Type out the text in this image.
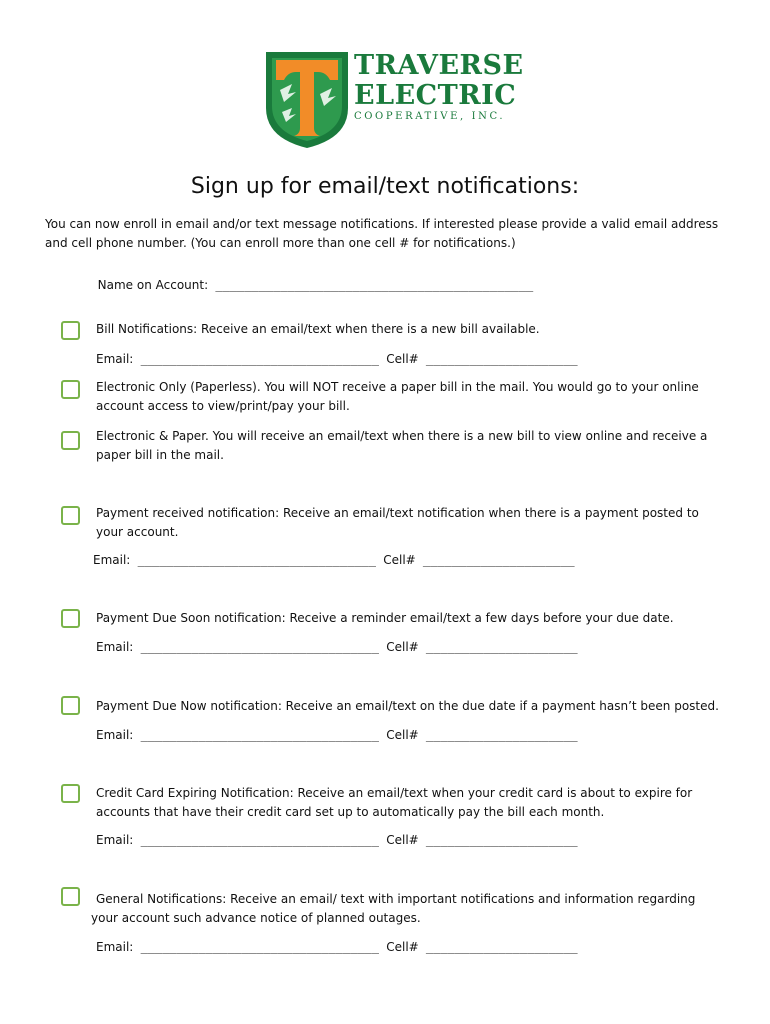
TRAVERSE
ELECTRIC
COOPERATIVE, INC.
Sign up for email/text notifications:
You can now enroll in email and/or text message notifications. If interested please provide a valid email address and cell phone number. (You can enroll more than one cell # for notifications.)

Name on Account: ____________________________________________

Bill Notifications: Receive an email/text when there is a new bill available.
Email: _________________________________ Cell# _____________________
Electronic Only (Paperless). You will NOT receive a paper bill in the mail. You would go to your online account access to view/print/pay your bill.
Electronic & Paper. You will receive an email/text when there is a new bill to view online and receive a paper bill in the mail.
Payment received notification: Receive an email/text notification when there is a payment posted to your account.
Email: _________________________________ Cell# _____________________
Payment Due Soon notification: Receive a reminder email/text a few days before your due date.
Email: _________________________________ Cell# _____________________
Payment Due Now notification: Receive an email/text on the due date if a payment hasn’t been posted.
Email: _________________________________ Cell# _____________________
Credit Card Expiring Notification: Receive an email/text when your credit card is about to expire for accounts that have their credit card set up to automatically pay the bill each month.
Email: _________________________________ Cell# _____________________
General Notifications: Receive an email/ text with important notifications and information regarding your account such advance notice of planned outages.
Email: _________________________________ Cell# _____________________
